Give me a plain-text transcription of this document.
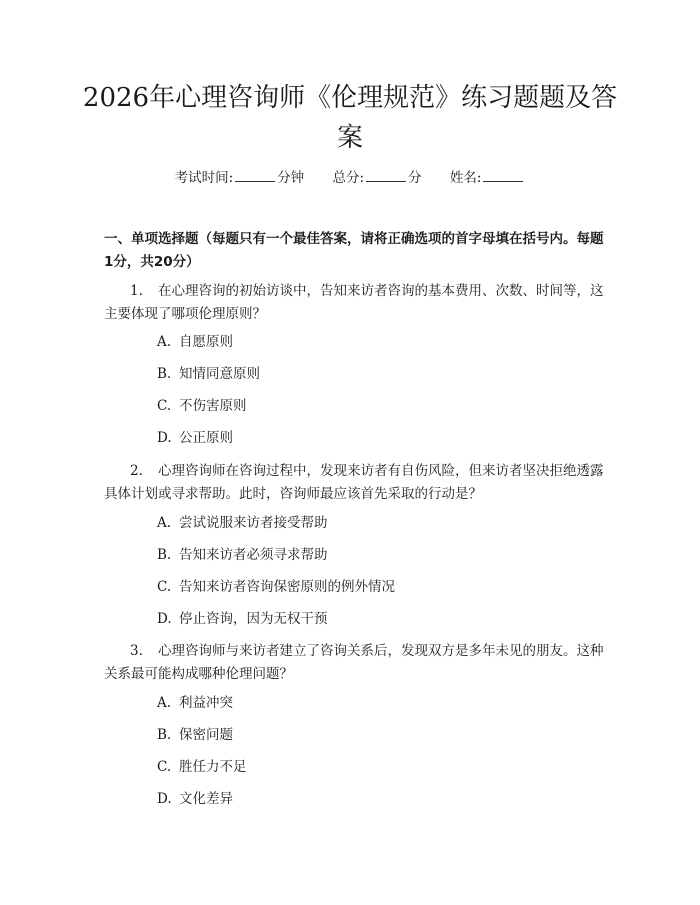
2026年心理咨询师《伦理规范》练习题题及答案
考试时间:	分钟 总分:	分 姓名:

一、单项选择题（每题只有一个最佳答案，请将正确选项的首字母填在括号内。每题1分，共20分）

1. 在心理咨询的初始访谈中，告知来访者咨询的基本费用、次数、时间等，这主要体现了哪项伦理原则？

A. 自愿原则
B. 知情同意原则
C. 不伤害原则
D. 公正原则

2. 心理咨询师在咨询过程中，发现来访者有自伤风险，但来访者坚决拒绝透露具体计划或寻求帮助。此时，咨询师最应该首先采取的行动是？

A. 尝试说服来访者接受帮助
B. 告知来访者必须寻求帮助
C. 告知来访者咨询保密原则的例外情况
D. 停止咨询，因为无权干预

3. 心理咨询师与来访者建立了咨询关系后，发现双方是多年未见的朋友。这种关系最可能构成哪种伦理问题？

A. 利益冲突
B. 保密问题
C. 胜任力不足
D. 文化差异
